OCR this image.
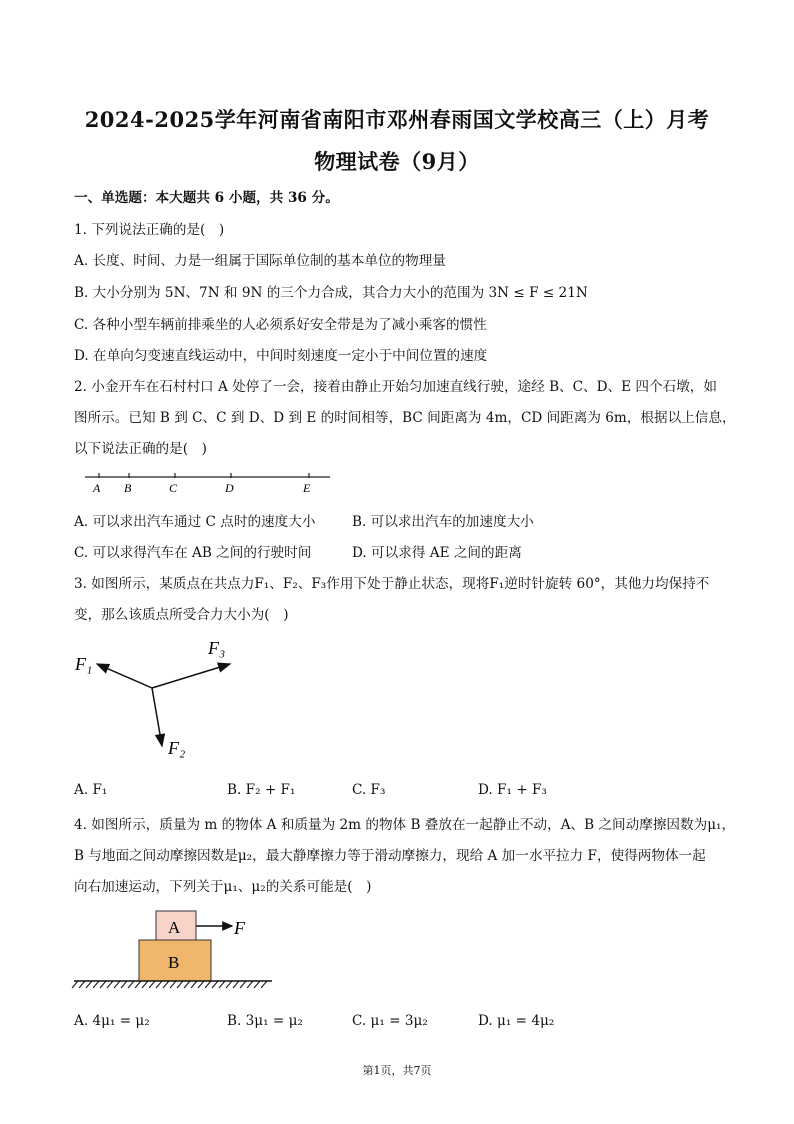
2024-2025学年河南省南阳市邓州春雨国文学校高三（上）月考
物理试卷（9月）
一、单选题：本大题共 6 小题，共 36 分。
1. 下列说法正确的是(　)
A. 长度、时间、力是一组属于国际单位制的基本单位的物理量
B. 大小分别为 5N、7N 和 9N 的三个力合成，其合力大小的范围为 3N ≤ F ≤ 21N
C. 各种小型车辆前排乘坐的人必须系好安全带是为了减小乘客的惯性
D. 在单向匀变速直线运动中，中间时刻速度一定小于中间位置的速度
2. 小金开车在石村村口 A 处停了一会，接着由静止开始匀加速直线行驶，途经 B、C、D、E 四个石墩，如
图所示。已知 B 到 C、C 到 D、D 到 E 的时间相等，BC 间距离为 4m，CD 间距离为 6m，根据以上信息，
以下说法正确的是(　)
A B	C	D	E
A. 可以求出汽车通过 C 点时的速度大小	B. 可以求出汽车的加速度大小
C. 可以求得汽车在 AB 之间的行驶时间	D. 可以求得 AE 之间的距离
3. 如图所示，某质点在共点力F₁、F₂、F₃作用下处于静止状态，现将F₁逆时针旋转 60°，其他力均保持不
变，那么该质点所受合力大小为(　)
F₁
F₃
F₂
A. F₁	B. F₂ + F₁	C. F₃	D. F₁ + F₃
4. 如图所示，质量为 m 的物体 A 和质量为 2m 的物体 B 叠放在一起静止不动，A、B 之间动摩擦因数为μ₁，
B 与地面之间动摩擦因数是μ₂，最大静摩擦力等于滑动摩擦力，现给 A 加一水平拉力 F，使得两物体一起
向右加速运动，下列关于μ₁、μ₂的关系可能是(　)
A
B
F
A. 4μ₁ = μ₂	B. 3μ₁ = μ₂	C. μ₁ = 3μ₂	D. μ₁ = 4μ₂
第1页，共7页
